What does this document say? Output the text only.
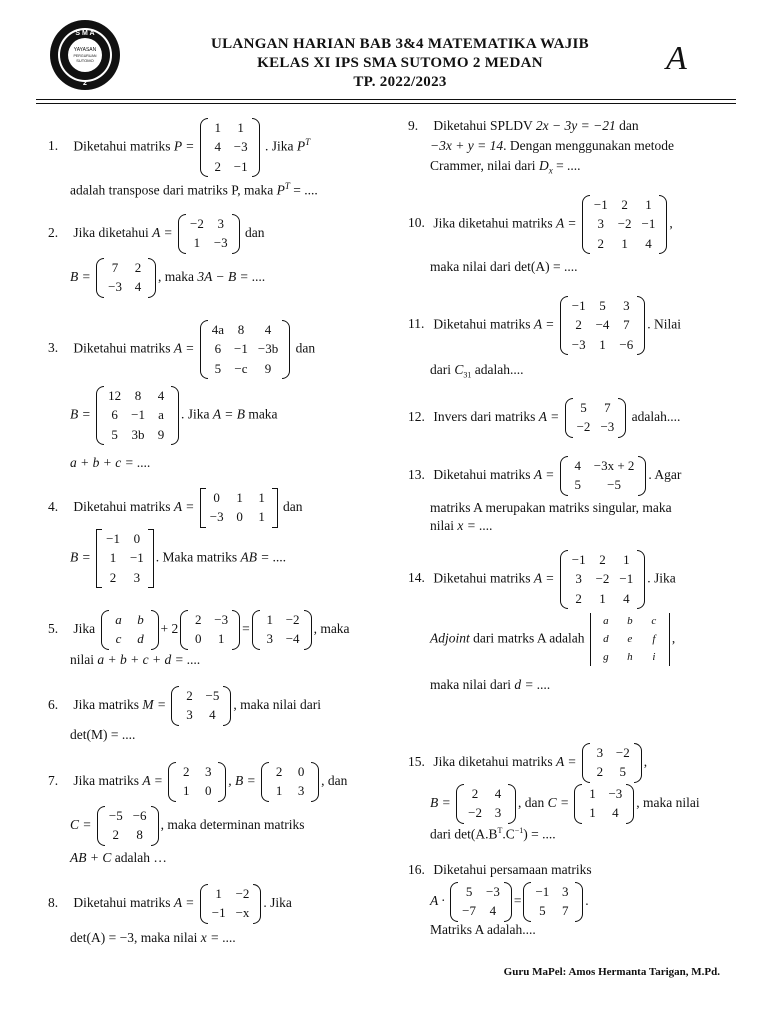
S M A
YAYASAN
PERGURUAN
SUTOMO
2
ULANGAN HARIAN BAB 3&4 MATEMATIKA WAJIB
KELAS XI IPS SMA SUTOMO 2 MEDAN
TP. 2022/2023
A
1. Diketahui matriks P =
1 1
4 −3
2 −1
. Jika $P^T$
adalah transpose dari matriks P, maka $P^T$ = ....
2. Jika diketahui A =
−2 3
1 −3
dan
B =
7 2
−3 4
, maka 3A − B = ....
3. Diketahui matriks A =
4a 8	4
6 −1 −3b
5 −c	9
dan
B =
12 8 4
6 −1 a
5 3b 9
. Jika A = B maka
a + b + c = ....
4. Diketahui matriks A =
0 1 1
−3 0 1
dan
B =
−1 0
1 −1
2 3
. Maka matriks AB = ....
5. Jika
a b
c d
+ 2
2 −3
0 1
=
1 −2
3 −4
, maka
nilai a + b + c + d = ....
6. Jika matriks M =
2 −5
3 4
, maka nilai dari
det(M) = ....
7. Jika matriks A =
2 3
1 0
, B =
2 0
1 3
, dan
C =
−5 −6
2 8
, maka determinan matriks
AB + C adalah …
8. Diketahui matriks A =
1 −2
−1 −x
. Jika
det(A) = −3, maka nilai x = ....
9. Diketahui SPLDV 2x − 3y = −21 dan
−3x + y = 14. Dengan menggunakan metode
Crammer, nilai dari $D_x$ = ....
10. Jika diketahui matriks A =
−1 2 1
3 −2 −1
2 1 4
,
maka nilai dari det(A) = ....
11. Diketahui matriks A =
−1 5 3
2 −4 7
−3 1 −6
. Nilai
dari $C_{31}$ adalah....
12. Invers dari matriks A =
5 7
−2 −3
adalah....
13. Diketahui matriks A =
4 −3x + 2
5	−5
. Agar
matriks A merupakan matriks singular, maka
nilai x = ....
14. Diketahui matriks A =
−1 2 1
3 −2 −1
2 1 4
. Jika
Adjoint dari matrks A adalah
a b	c
d	e	f
g h	i
,
maka nilai dari d = ....
15. Jika diketahui matriks A =
3 −2
2 5
,
B =
2 4
−2 3
, dan C =
1 −3
1 4
, maka nilai
dari $\det(A.B^T.C^{-1})$ = ....
16. Diketahui persamaan matriks
A ·
5 −3
−7 4
=
−1 3
5 7
.
Matriks A adalah....
Guru MaPel: Amos Hermanta Tarigan, M.Pd.
